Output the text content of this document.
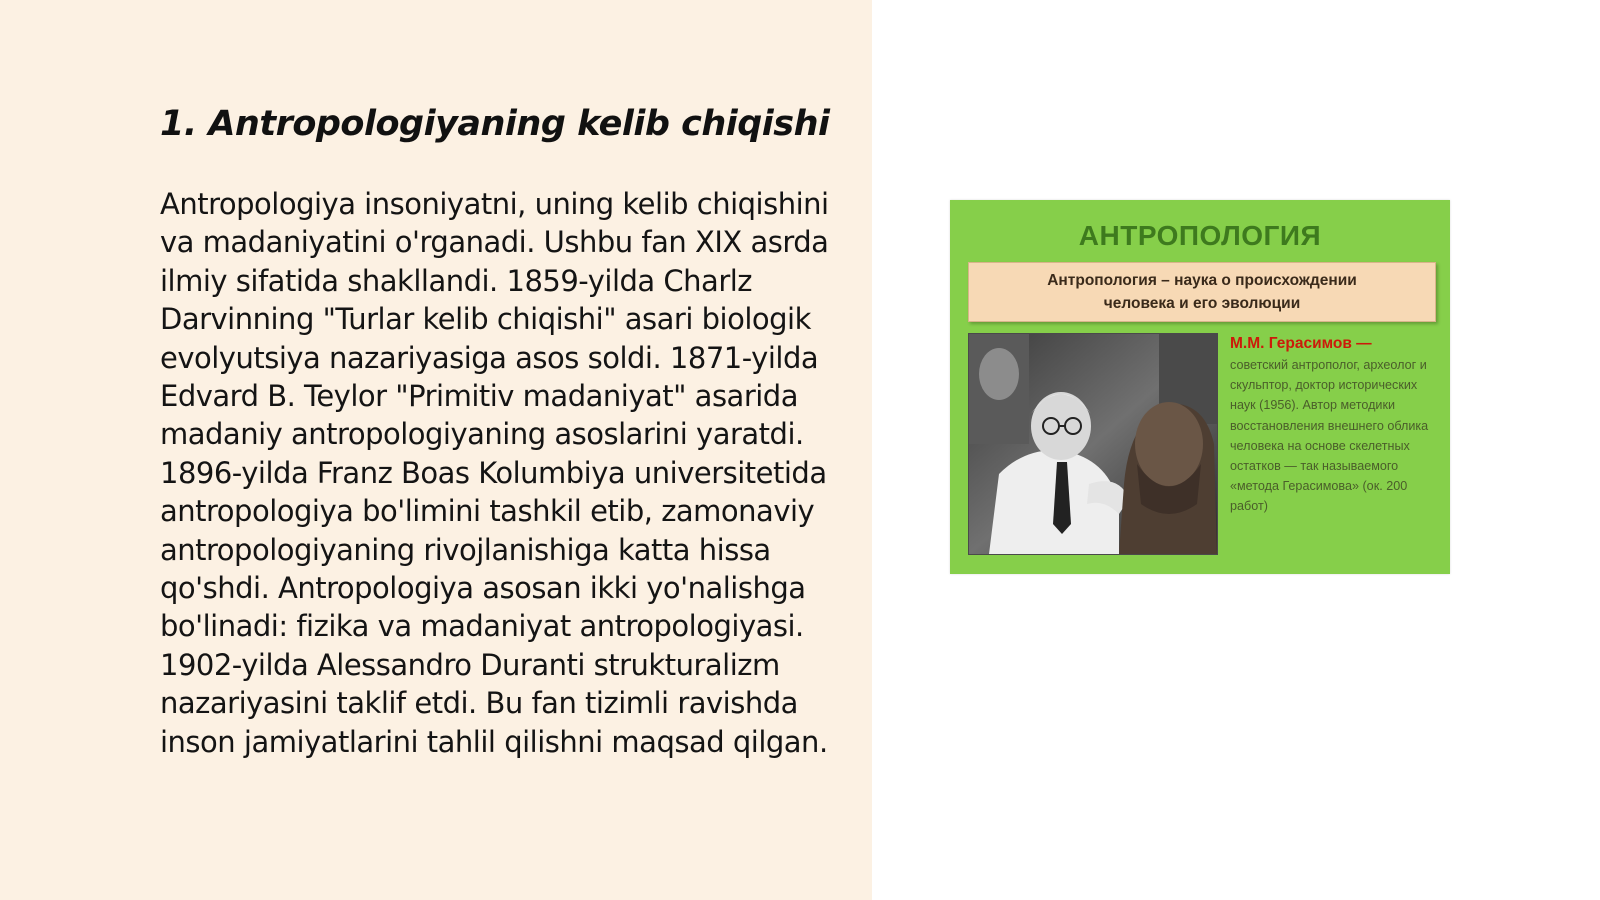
1. Antropologiyaning kelib chiqishi

Antropologiya insoniyatni, uning kelib chiqishini va madaniyatini o'rganadi. Ushbu fan XIX asrda ilmiy sifatida shakllandi. 1859-yilda Charlz Darvinning "Turlar kelib chiqishi" asari biologik evolyutsiya nazariyasiga asos soldi. 1871-yilda Edvard B. Teylor "Primitiv madaniyat" asarida madaniy antropologiyaning asoslarini yaratdi. 1896-yilda Franz Boas Kolumbiya universitetida antropologiya bo'limini tashkil etib, zamonaviy antropologiyaning rivojlanishiga katta hissa qo'shdi. Antropologiya asosan ikki yo'nalishga bo'linadi: fizika va madaniyat antropologiyasi. 1902-yilda Alessandro Duranti strukturalizm nazariyasini taklif etdi. Bu fan tizimli ravishda inson jamiyatlarini tahlil qilishni maqsad qilgan.

АНТРОПОЛОГИЯ
Антропология – наука о происхождении
человека и его эволюции
М.М. Герасимов —
советский антрополог, археолог и скульптор, доктор исторических наук (1956). Автор методики восстановления внешнего облика человека на основе скелетных остатков — так называемого «метода Герасимова» (ок. 200 работ)
